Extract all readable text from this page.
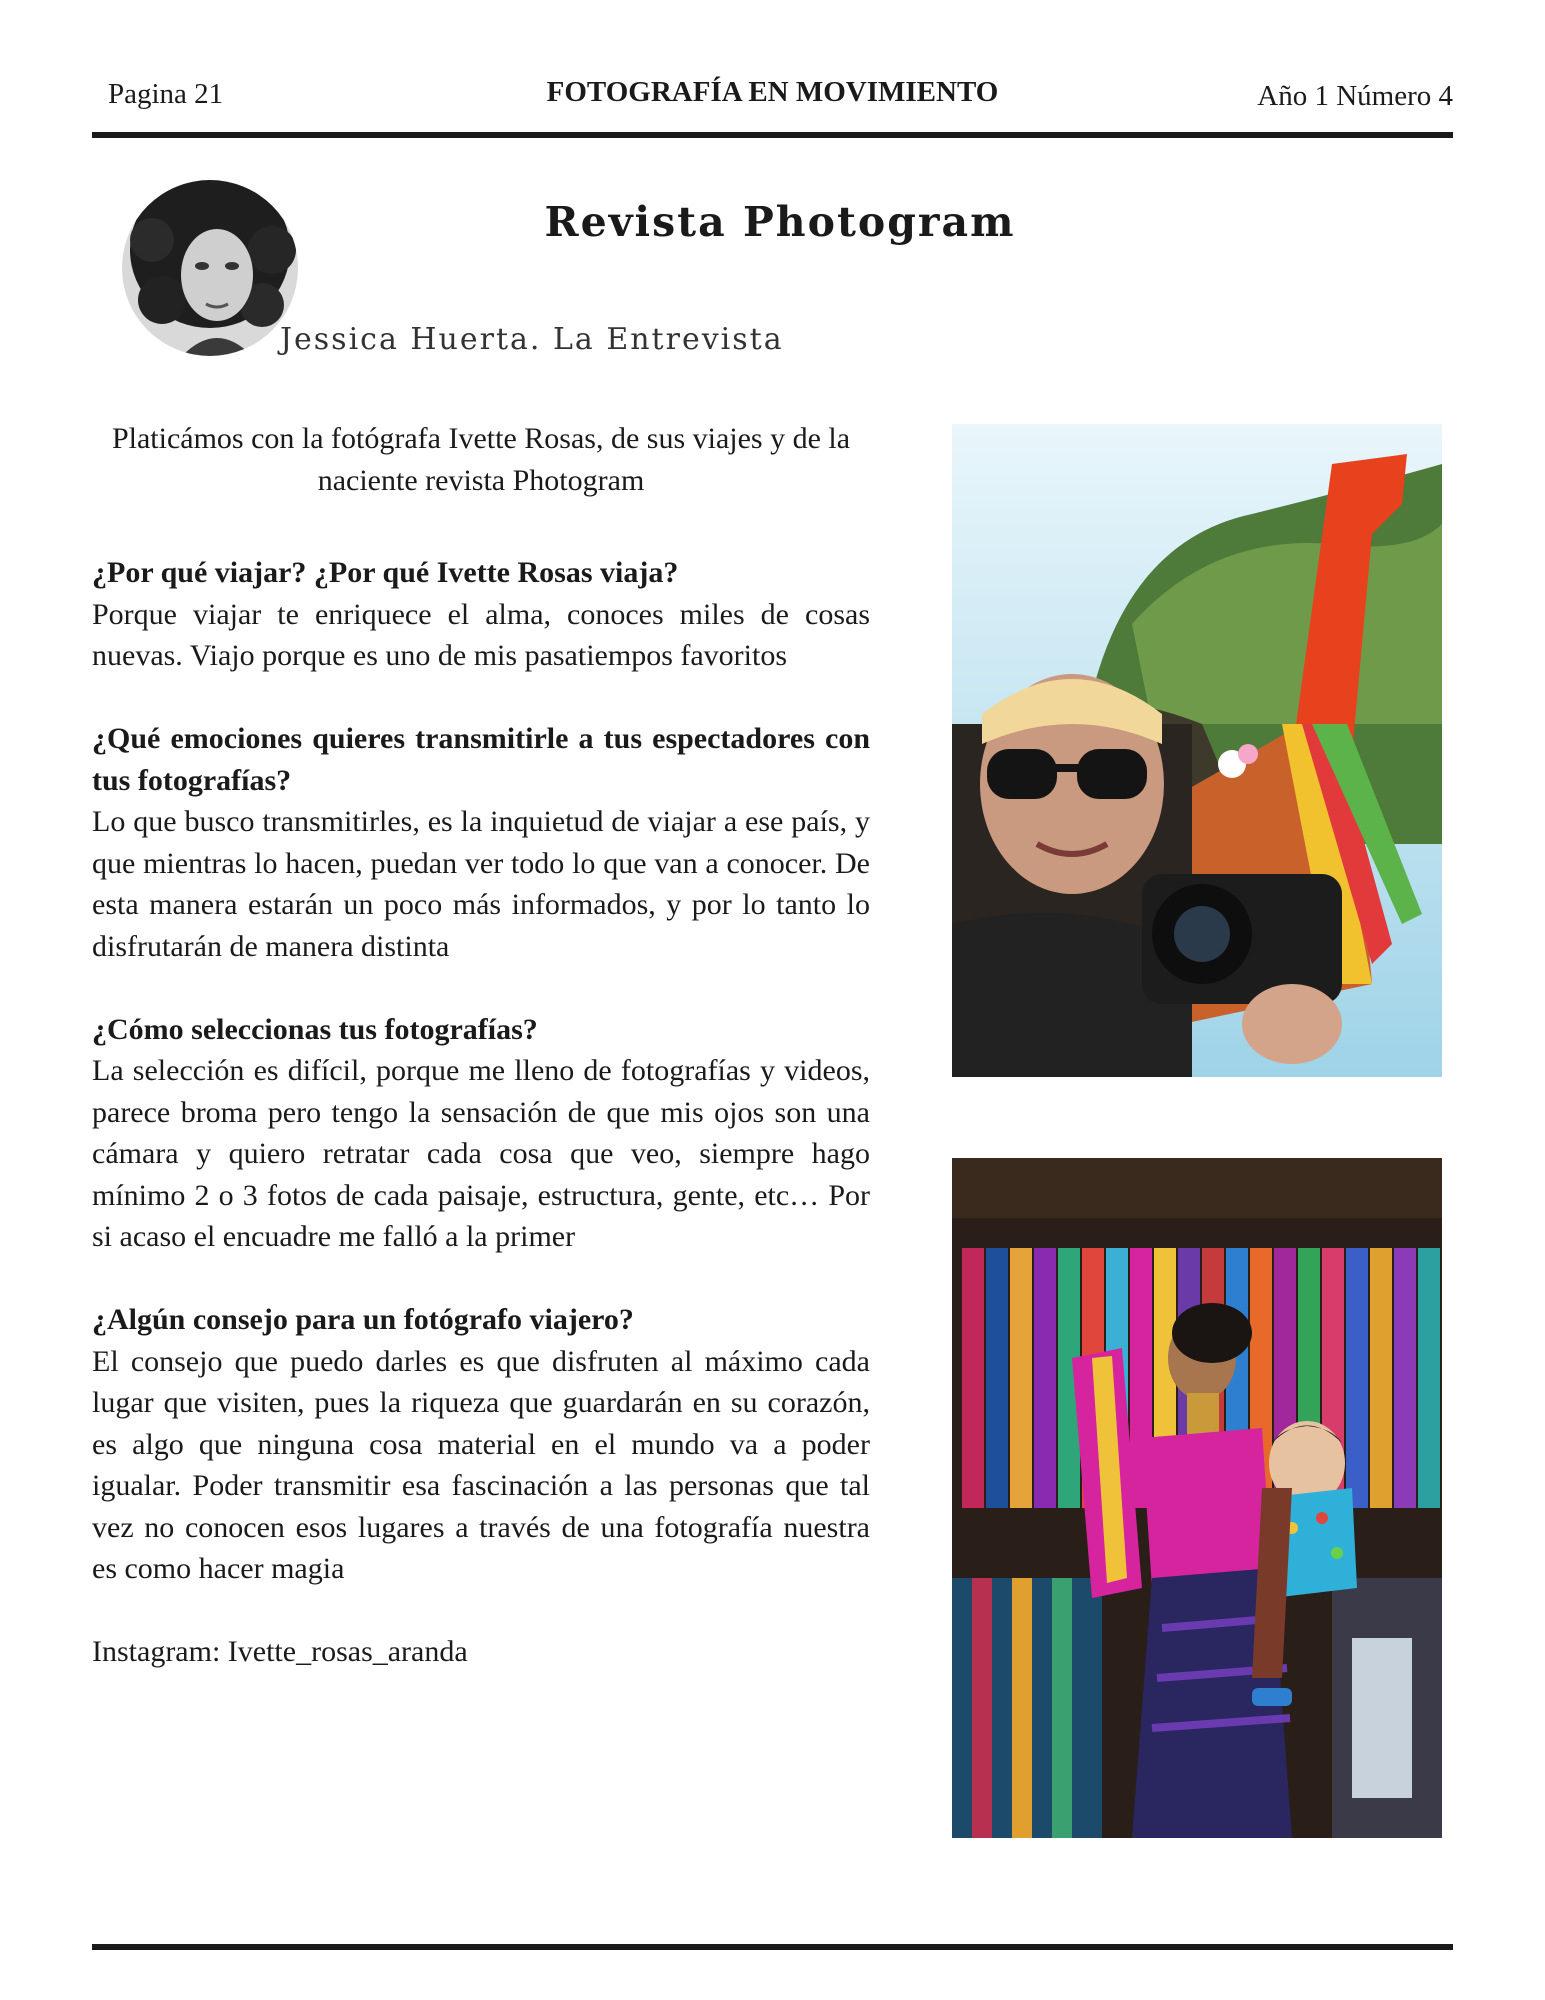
Pagina 21	FOTOGRAFÍA EN MOVIMIENTO	Año 1 Número 4
Revista Photogram
Jessica Huerta. La Entrevista
Platicámos con la fotógrafa Ivette Rosas, de sus viajes y de la naciente revista Photogram
¿Por qué viajar? ¿Por qué Ivette Rosas viaja?
Porque viajar te enriquece el alma, conoces miles de cosas nuevas. Viajo porque es uno de mis pasatiempos favoritos
¿Qué emociones quieres transmitirle a tus espectadores con tus fotografías?
Lo que busco transmitirles, es la inquietud de viajar a ese país, y que mientras lo hacen, puedan ver todo lo que van a conocer. De esta manera estarán un poco más informados, y por lo tanto lo disfrutarán de manera distinta
¿Cómo seleccionas tus fotografías?
La selección es difícil, porque me lleno de fotografías y videos, parece broma pero tengo la sensación de que mis ojos son una cámara y quiero retratar cada cosa que veo, siempre hago mínimo 2 o 3 fotos de cada paisaje, estructura, gente, etc… Por si acaso el encuadre me falló a la primer
¿Algún consejo para un fotógrafo viajero?
El consejo que puedo darles es que disfruten al máximo cada lugar que visiten, pues la riqueza que guardarán en su corazón, es algo que ninguna cosa material en el mundo va a poder igualar. Poder transmitir esa fascinación a las personas que tal vez no conocen esos lugares a través de una fotografía nuestra es como hacer magia
Instagram: Ivette_rosas_aranda
